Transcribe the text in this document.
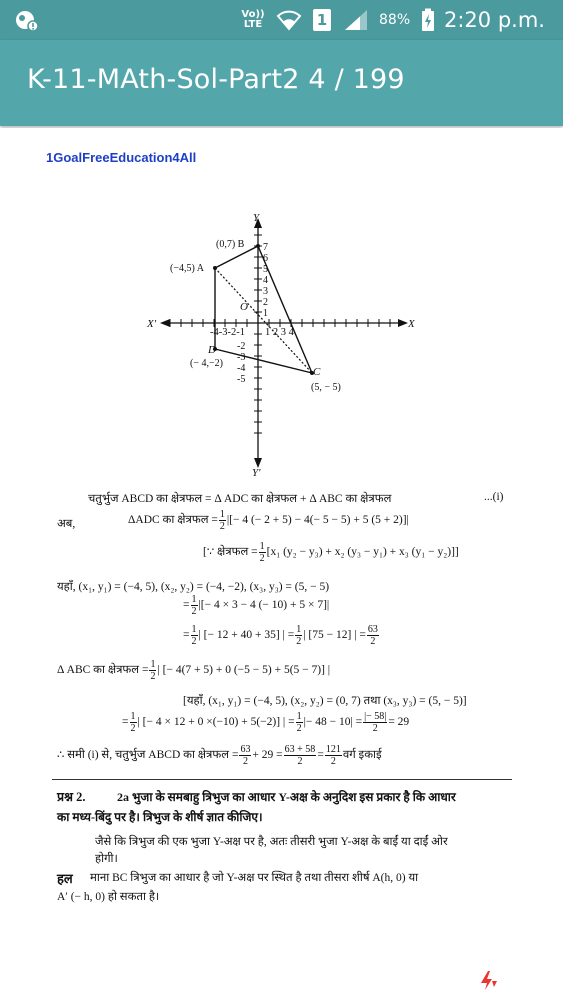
Vo)) LTE	1	88% 2:20 p.m.
K-11-MAth-Sol-Part2 4 / 199
1GoalFreeEducation4All
Y
Y'
X'	X
O
-4-3-2-1 1 2 3 4
(−4,5) A
(0,7) B
C
(5, − 5)
D
(− 4,−2)
7
6
5
4
3
2
1
-2
-3
-4
-5
चतुर्भुज ABCD का क्षेत्रफल = Δ ADC का क्षेत्रफल + Δ ABC का क्षेत्रफल	...(i)
अब,	ΔADC का क्षेत्रफल = $\frac{1}{2}$ |[− 4 (− 2 + 5) − 4(− 5 − 5) + 5 (5 + 2)]|
[∵ क्षेत्रफल = $\frac{1}{2} [x_1$ (y₂ − y₃) + x₂ (y₃ − y₁) + x₃ (y₁ − y₂)]]
यहाँ, (x₁, y₁) = (−4, 5), (x₂, y₂) = (−4, −2), (x₃, y₃) = (5, − 5)
= $\frac{1}{2}$ |[− 4 × 3 − 4 (− 10) + 5 × 7]|
= $\frac{1}{2}$ | [− 12 + 40 + 35] | = $\frac{1}{2}$ | [75 − 12] | = $\frac{63}{2}$
Δ ABC का क्षेत्रफल = $\frac{1}{2}$ | [− 4(7 + 5) + 0 (−5 − 5) + 5(5 − 7)] |
[यहाँ, (x₁, y₁) = (−4, 5), (x₂, y₂) = (0, 7) तथा (x₃, y₃) = (5, − 5)]
= $\frac{1}{2}$ | [− 4 × 12 + 0 ×(−10) + 5(−2)] | = $\frac{1}{2}$ |− $48 - 10| = \frac{|- 58|}{2} = 29$
∴ समी (i) से, चतुर्भुज ABCD का क्षेत्रफल = $\frac{63}{2} + 29 = \frac{63 + 58}{2} = \frac{121}{2}$ वर्ग इकाई
प्रश्न 2.	2a भुजा के समबाहु त्रिभुज का आधार Y-अक्ष के अनुदिश इस प्रकार है कि आधार
का मध्य-बिंदु पर है। त्रिभुज के शीर्ष ज्ञात कीजिए।
जैसे कि त्रिभुज की एक भुजा Y-अक्ष पर है, अतः तीसरी भुजा Y-अक्ष के बाईं या दाईं ओर
होगी।
हल माना BC त्रिभुज का आधार है जो Y-अक्ष पर स्थित है तथा तीसरा शीर्ष A(h, 0) या
A′ (− h, 0) हो सकता है।
